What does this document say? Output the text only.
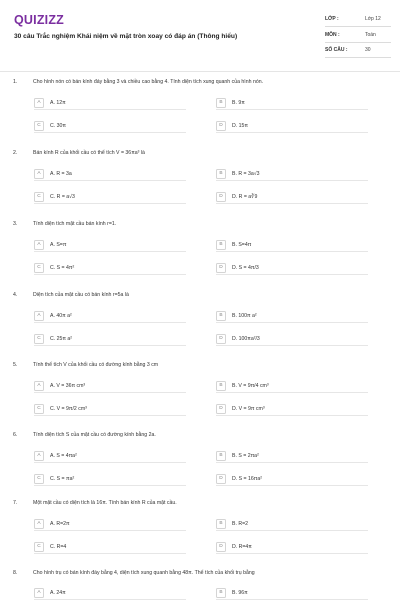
QUIZIZZ
30 câu Trắc nghiệm Khái niệm về mặt tròn xoay có đáp án (Thông hiểu)
LỚP :	Lớp 12
MÔN :	Toán
SỐ CÂU :	30
1.	Cho hình nón có bán kính đáy bằng 3 và chiều cao bằng 4. Tính diện tích xung quanh của hình nón.
A	A. 12π	B	B. 9π
C	C. 30π	D	D. 15π
2.	Bán kính R của khối cầu có thể tích V = 36πa³ là
A	A. R = 3a	B	B. R = 3a√3
C	C. R = a√3	D	D. R = a∛9
3.	Tính diện tích mặt cầu bán kính r=1.
A	A. S=π	B	B. S=4π
C	C. S = 4π²	D	D. S = 4π/3
4.	Diện tích của mặt cầu có bán kính r=5a là
A	A. 40π a²	B	B. 100π a²
C	C. 25π a²	D	D. 100πa²/3
5.	Tính thể tích V của khối cầu có đường kính bằng 3 cm
A	A. V = 36π cm³	B	B. V = 9π/4 cm³
C	C. V = 9π/2 cm³	D	D. V = 9π cm³
6.	Tính diện tích S của mặt cầu có đường kính bằng 2a.
A	A. S = 4πa²	B	B. S = 2πa²
C	C. S = πa²	D	D. S = 16πa²
7.	Một mặt cầu có diện tích là 16π. Tính bán kính R của mặt cầu.
A	A. R=2π	B	B. R=2
C	C. R=4	D	D. R=4π
8.	Cho hình trụ có bán kính đáy bằng 4, diện tích xung quanh bằng 48π. Thể tích của khối trụ bằng
A	A. 24π	B	B. 96π
